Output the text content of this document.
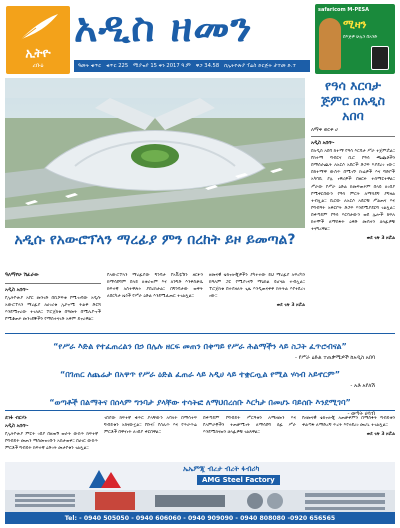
ኢትዮ
ረቡዕ
አዲስ ዘመን
ዓመት ቁጥር ቁጥር 225 ሚያዝያ 15 ቀን 2017 ዓ.ም ዋጋ 34.58 በኢትዮጵያ ፕሬስ ድርጅት ታተመ ድ.ተ
safaricom M-PESA
ሚዛን
በእጅዎ ሁሉን በአንድ
የዓሳ እርባታ ጅምር በአዲስ አበባ
ለማቀ ወርቅ ሀ
አዲስ አበባ፡-
በአዲስ አበባ ከተማ የዓሳ እርባታ ሥራ ተጀምሯል። የከተማ ግብርና ቢሮ የዓሳ ጫጩቶችን በማሰራጨት ለአርሶ አደሮች ድጋፍ እያደረገ ነው። በከተማዋ ውስጥ በሚገኙ ኩሬዎች እና ግድቦች አካባቢ ያሉ ነዋሪዎች በዘርፉ ተሰማርተዋል። ሥራው የሥራ ዕድል ከመፍጠሩም በላይ ለገበያ የሚቀርበውን የዓሳ ምርት ለማሳደግ ያግዛል ተብሏል። ቢሮው ለአርሶ አደሮቹ ሥልጠና እና የግብዓት አቅርቦት ድጋፍ እንደሚያደርግ ገልጿል። በቀጣይም የዓሳ እርባታውን ወደ ሌሎች ክፍለ ከተሞች ለማስፋት ዕቅድ መያዙን ኃላፊዎቹ ተናግረዋል።
ወደ ገጽ 3 ዞሯል
አዲሱ የአውሮፕላን ማረፊያ ምን በረከት ይዞ ይመጣል?
ዓለማየሁ ሽፈራው
አዲስ አበባ፡-
የኢትዮጵያ አየር መንገድ በቢሾፍቱ የሚገነባው አዲሱ አውሮፕላን ማረፊያ ለሀገሪቱ ኢኮኖሚ ትልቅ ድርሻ እንደሚኖረው ተገለጸ። ፕሮጀክቱ በዓመት በሚሊዮኖች የሚቆጠሩ መንገደኞችን የማስተናገድ አቅም ይኖረዋል።
የአውሮፕላን ማረፊያው ግንባታ የአቪዬሽን ዘርፉን ከማሳደግም በላይ ለቱሪዝም እና ለንግድ እንቅስቃሴ ከፍተኛ አስተዋጽኦ ያበረክታል። በግንባታው ወቅት ለበርካታ ዜጎች የሥራ ዕድል እንደሚፈጠር ተገልጿል።
ዘመናዊ ቴክኖሎጂዎችን ያካተተው ይህ ማረፊያ አፍሪካን ከዓለም ጋር የሚያገናኝ ማዕከል ይሆናል ተብሏል። ፕሮጀክቱ በተያዘለት ጊዜ እንዲጠናቀቅ ክትትል እየተደረገ ነው።
ወደ ገጽ 3 ዞሯል
“የሥራ እድል የተፈጠረልን በኃ በሌሉ ዘርፍ መጠን በቀጣይ የሥራ ሕልማችን ላይ ስጋት ፈጥሮብናል”
- የሥራ ዕድል ተጠቃሚዎች ከአዲስ አበባ
“በገጠር ለጨሬታ በአዋጥ የሥራ ዕድል ፈጠራ ላይ አዲሀ ላይ ተቋርጧል የሚል ሃሳብ አይኖርም”
- አቶ አየለሽ
“ወጣቶች በልማትና በሰላም ግንባታ ያላቸው ተሳትፎ ለማህበረሰቡ እርካታ በመሆኑ ባይሰቡ እንደሚገባ”
- ወጣት ሀሳብ
ደገፋ ብርሃኑ
አዲስ አበባ፡-
የኢትዮጵያ ምርት ገበያ በዘጠኝ ወራት ውስጥ ከፍተኛ የግብይት መጠን ማስመዝገቡን አስታወቀ። በሀገር ውስጥ ምርቶች ግብይት ከፍተኛ ዕድገት መታየቱን ገልጿል።
ገበያው ከፍተኛ ቁጥር ያላቸውን አባላት በማሳተፍ ግብይቱን አከናውኗል። የቡና፣ የሰሊጥ እና የጥራጥሬ ምርቶች በዋናነት ለገበያ ቀርበዋል።
በቀጣይም የግብይት ሥርዓቱን ለማዘመን እና የአምራቾችን ተጠቃሚነት ለማሳደግ ሰፊ ሥራ እንደሚከናወን ኃላፊዎቹ ገልጸዋል።
የዘመናዊ ቴክኖሎጂ አጠቃቀምን በማስፋት ግብይቱን ቀልጣፋ ለማድረግ ጥረት እየተደረገ መሆኑ ተገልጿል።
ወደ ገጽ 3 ዞሯል
ኤኤምጂ ብረታ ብረት ፋብሪካ
AMG Steel Factory
Tel: - 0940 505050 - 0940 606060 - 0940 909090 - 0940 808080 -0920 656565
